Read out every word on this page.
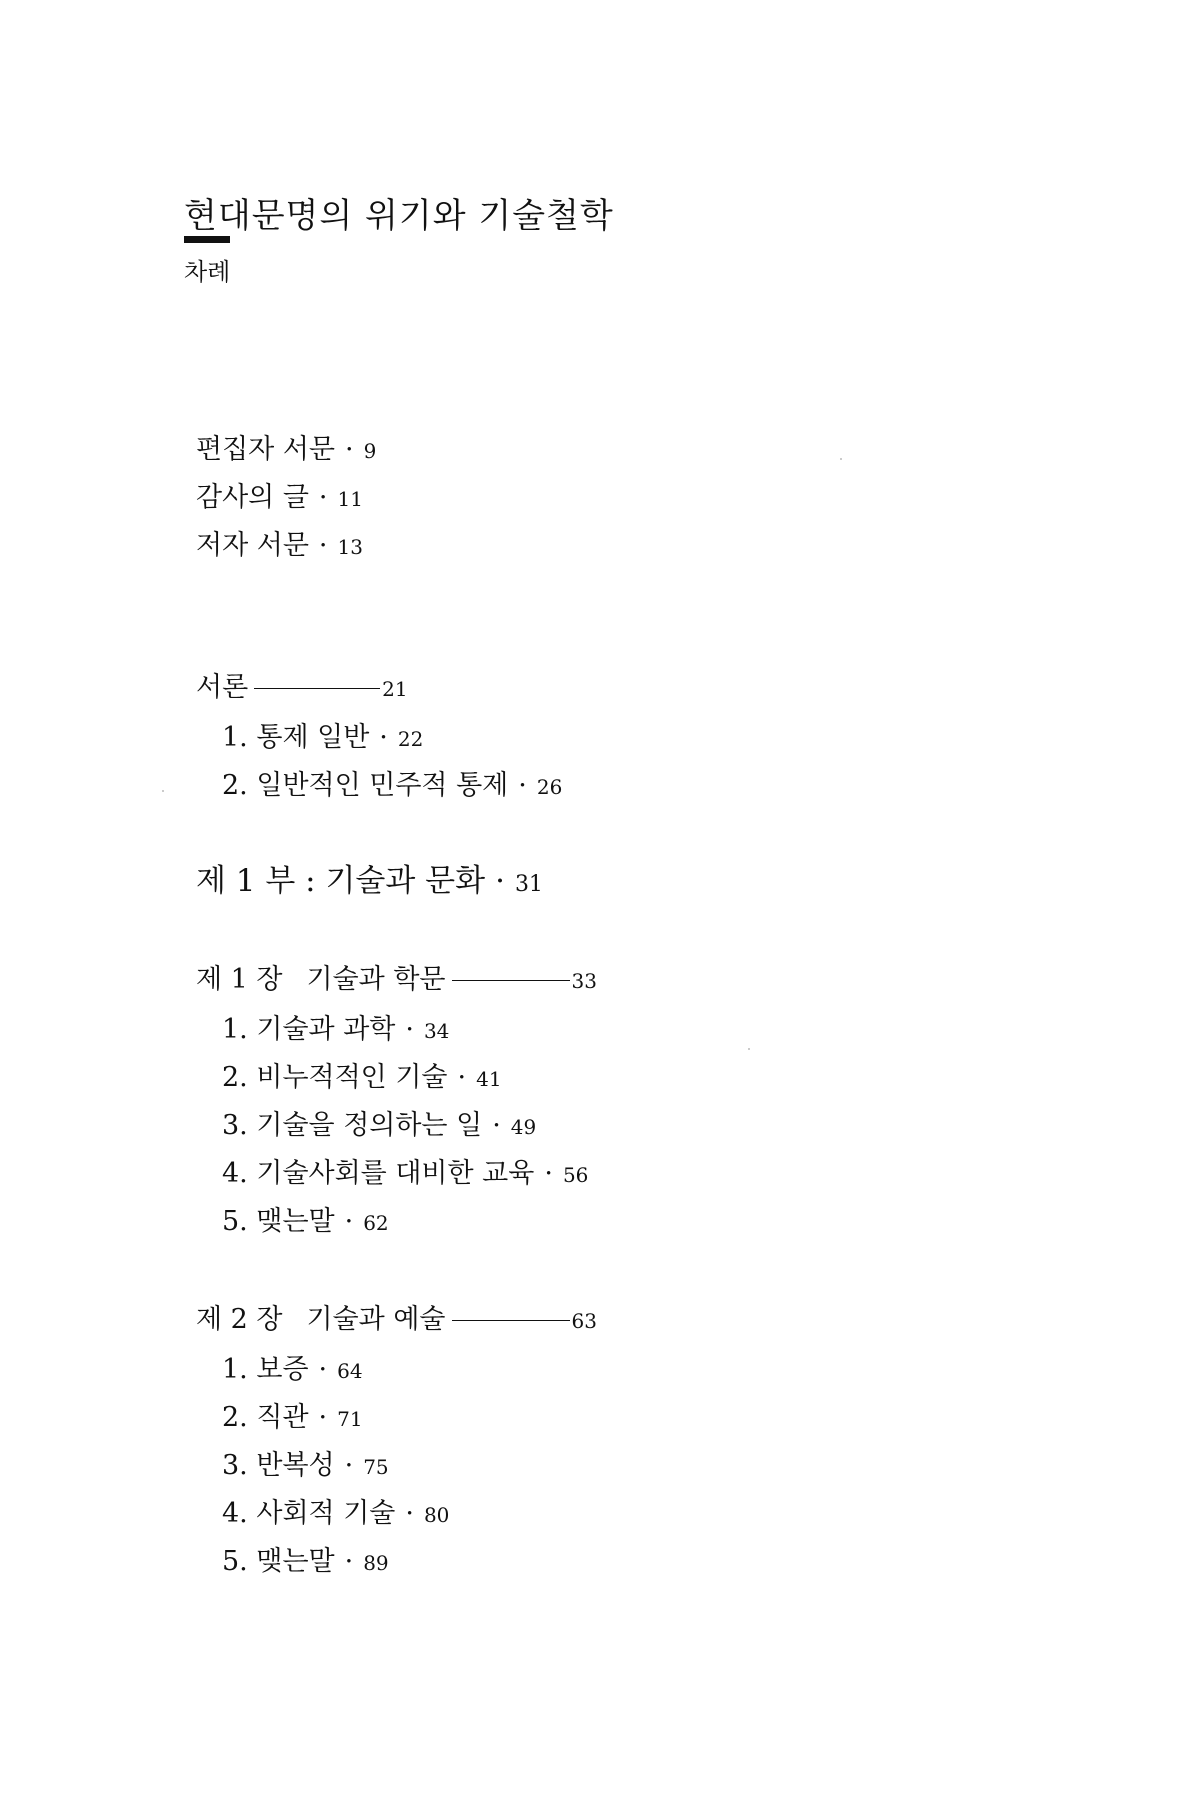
현대문명의 위기와 기술철학
차례
편집자 서문 · 9
감사의 글 · 11
저자 서문 · 13
서론	21
1. 통제 일반 · 22
2. 일반적인 민주적 통제 · 26
제 1 부 : 기술과 문화 · 31
제 1 장 기술과 학문	33
1. 기술과 과학 · 34
2. 비누적적인 기술 · 41
3. 기술을 정의하는 일 · 49
4. 기술사회를 대비한 교육 · 56
5. 맺는말 · 62
제 2 장 기술과 예술	63
1. 보증 · 64
2. 직관 · 71
3. 반복성 · 75
4. 사회적 기술 · 80
5. 맺는말 · 89
